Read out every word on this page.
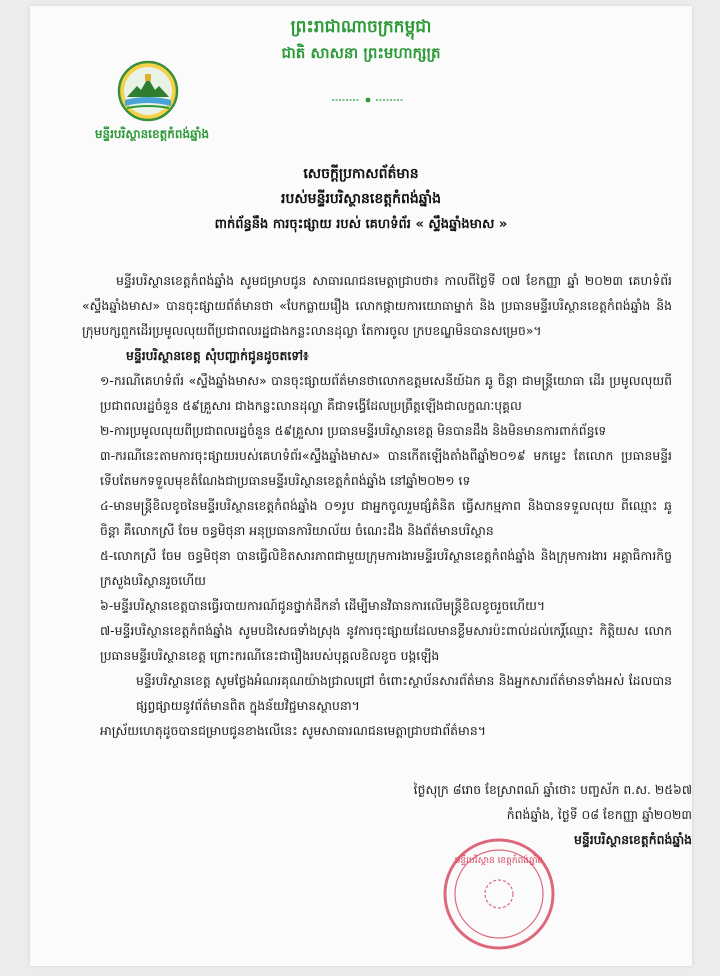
ព្រះរាជាណាចក្រកម្ពុជា
ជាតិ សាសនា ព្រះមហាក្សត្រ
មន្ទីរបរិស្ថានខេត្តកំពង់ឆ្នាំង
សេចក្ដីប្រកាសព័ត៌មាន
របស់មន្ទីរបរិស្ថានខេត្តកំពង់ឆ្នាំង
ពាក់ព័ន្ធនឹង ការចុះផ្សាយ របស់ គេហទំព័រ « ស្ទឹងឆ្នាំងមាស »

មន្ទីរបរិស្ថានខេត្តកំពង់ឆ្នាំង សូមជម្រាបជូន សាធារណជនមេត្តាជ្រាបថា៖ កាលពីថ្ងៃទី ០៧ ខែកញ្ញា ឆ្នាំ ២០២៣ គេហទំព័រ «ស្ទឹងឆ្នាំងមាស» បានចុះផ្សាយព័ត៌មានថា «បែកធ្លាយរឿង លោកផ្កាយការយោធាម្នាក់ និង ប្រធានមន្ទីរបរិស្ថានខេត្តកំពង់ឆ្នាំង និងក្រុមបក្សពួកដើរប្រមូលលុយពីប្រជាពលរដ្ឋជាងកន្លះលានដុល្លា តែការចូល ក្របខណ្ឌមិនបានសម្រេច»។

មន្ទីរបរិស្ថានខេត្ត សុំបញ្ជាក់ជូនដូចតទៅ៖

១-ករណីគេហទំព័រ «ស្ទឹងឆ្នាំងមាស» បានចុះផ្សាយព័ត៌មានថាលោកឧត្តមសេនីយ៍ឯក ឆូ ចិន្តា ជាមន្ត្រីយោធា ដើរ ប្រមូលលុយពីប្រជាពលរដ្ឋចំនួន ៥៩គ្រួសារ ជាងកន្លះលានដុល្លា គឺជាទង្វើដែលប្រព្រឹត្តឡើងជាលក្ខណៈបុគ្គល

២-ការប្រមូលលុយពីប្រជាពលរដ្ឋចំនួន ៥៩គ្រួសារ ប្រធានមន្ទីរបរិស្ថានខេត្ត មិនបានដឹង និងមិនមានការពាក់ព័ន្ធទេ

៣-ករណីនេះតាមការចុះផ្សាយរបស់គេហទំព័រ«ស្ទឹងឆ្នាំងមាស» បានកើតឡើងតាំងពីឆ្នាំ២០១៩ មកម្លេះ តែលោក ប្រធានមន្ទីរ ទើបតែមកទទួលមុខតំណែងជាប្រធានមន្ទីរបរិស្ថានខេត្តកំពង់ឆ្នាំង នៅឆ្នាំ២០២១ ទេ

៤-មានមន្ត្រីខិលខូចនៃមន្ទីរបរិស្ថានខេត្តកំពង់ឆ្នាំង ០១រូប ជាអ្នកចូលរួមផ្សំគំនិត ធ្វើសកម្មភាព និងបានទទួលលុយ ពីឈ្មោះ ឆូ ចិន្តា គឺលោកស្រី ចែម ចន្ធមិថុនា អនុប្រធានការិយាល័យ ចំណេះដឹង និងព័ត៌មានបរិស្ថាន

៥-លោកស្រី ចែម ចន្ធមិថុនា បានធ្វើលិខិតសារភាពជាមួយក្រុមការងារមន្ទីរបរិស្ថានខេត្តកំពង់ឆ្នាំង និងក្រុមការងារ អគ្គាធិការកិច្ចក្រសួងបរិស្ថានរួចហើយ

៦-មន្ទីរបរិស្ថានខេត្តបានធ្វើរបាយការណ៍ជូនថ្នាក់ដឹកនាំ ដើម្បីមានវិធានការលើមន្ត្រីខិលខូចរួចហើយ។

៧-មន្ទីរបរិស្ថានខេត្តកំពង់ឆ្នាំង សូមបដិសេធទាំងស្រុង នូវការចុះផ្សាយដែលមានខ្លឹមសារប៉ះពាល់ដល់កេរ្តិ៍ឈ្មោះ កិត្តិយស លោកប្រធានមន្ទីរបរិស្ថានខេត្ត ព្រោះករណីនេះជារឿងរបស់បុគ្គលខិលខូច បង្កឡើង

មន្ទីរបរិស្ថានខេត្ត សូមថ្លែងអំណរគុណយ៉ាងជ្រាលជ្រៅ ចំពោះស្ថាប័នសារព័ត៌មាន និងអ្នកសារព័ត៌មានទាំងអស់ ដែលបានផ្សព្វផ្សាយនូវព័ត៌មានពិត ក្នុងន័យវិជ្ជមានស្ថាបនា។

អាស្រ័យហេតុដូចបានជម្រាបជូនខាងលើនេះ សូមសាធារណជនមេត្តាជ្រាបជាព័ត៌មាន។

ថ្ងៃសុក្រ ៨រោច ខែស្រាពណ៍ ឆ្នាំថោះ បញ្ចស័ក ព.ស. ២៥៦៧
កំពង់ឆ្នាំង, ថ្ងៃទី ០៨ ខែកញ្ញា ឆ្នាំ២០២៣
មន្ទីរបរិស្ថានខេត្តកំពង់ឆ្នាំង
មន្ទីរបរិស្ថាន ខេត្តកំពង់ឆ្នាំង
